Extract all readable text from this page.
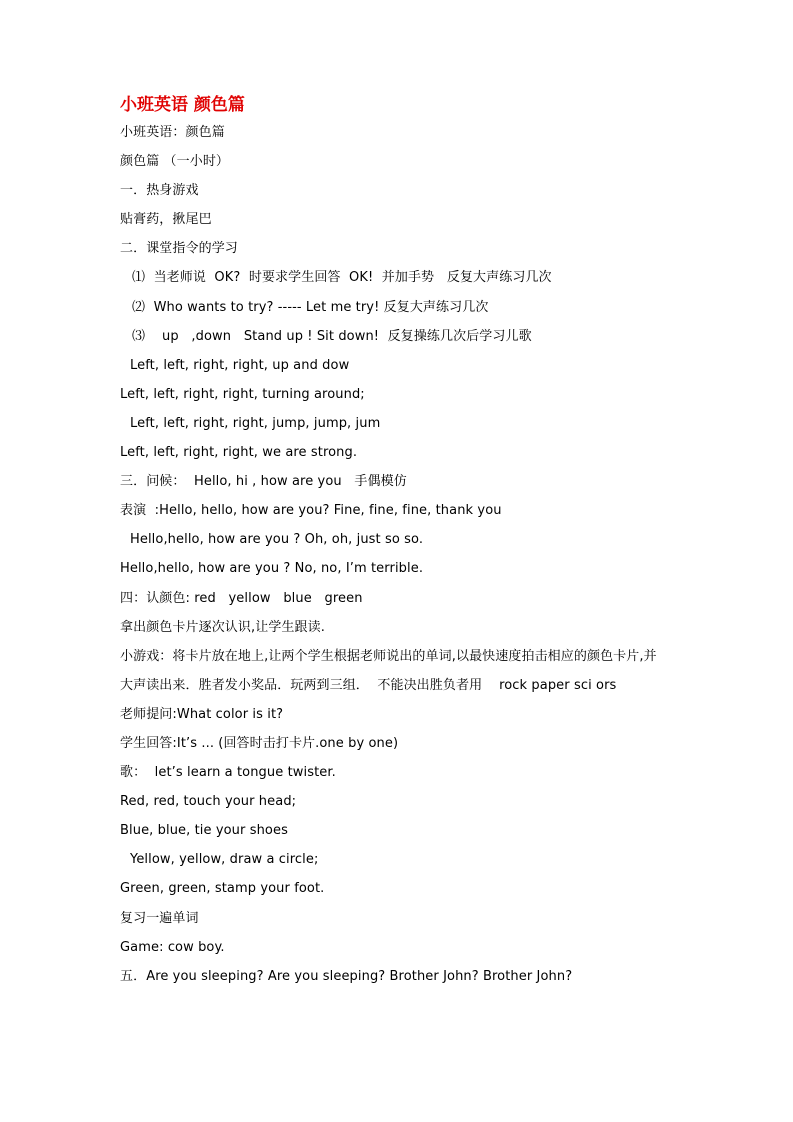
小班英语 颜色篇

小班英语：颜色篇

颜色篇 （一小时）

一．热身游戏

贴膏药，揪尾巴

二．课堂指令的学习

⑴  当老师说  OK?  时要求学生回答  OK!  并加手势   反复大声练习几次

⑵  Who wants to try? ----- Let me try! 反复大声练习几次

⑶    up   ,down   Stand up ! Sit down!  反复操练几次后学习儿歌

Left, left, right, right, up and dow

Left, left, right, right, turning around;

Left, left, right, right, jump, jump, jum

Left, left, right, right, we are strong.

三．问候：  Hello, hi , how are you   手偶模仿

表演  :Hello, hello, how are you? Fine, fine, fine, thank you

Hello,hello, how are you ? Oh, oh, just so so.

Hello,hello, how are you ? No, no, I’m terrible.

四：认颜色: red   yellow   blue   green

拿出颜色卡片逐次认识,让学生跟读.

小游戏：将卡片放在地上,让两个学生根据老师说出的单词,以最快速度拍击相应的颜色卡片,并

大声读出来．胜者发小奖品．玩两到三组．  不能决出胜负者用    rock paper sci ors

老师提问:What color is it?

学生回答:It’s ... (回答时击打卡片.one by one)

歌：  let’s learn a tongue twister.

Red, red, touch your head;

Blue, blue, tie your shoes

Yellow, yellow, draw a circle;

Green, green, stamp your foot.

复习一遍单词

Game: cow boy.

五．Are you sleeping? Are you sleeping? Brother John? Brother John?
